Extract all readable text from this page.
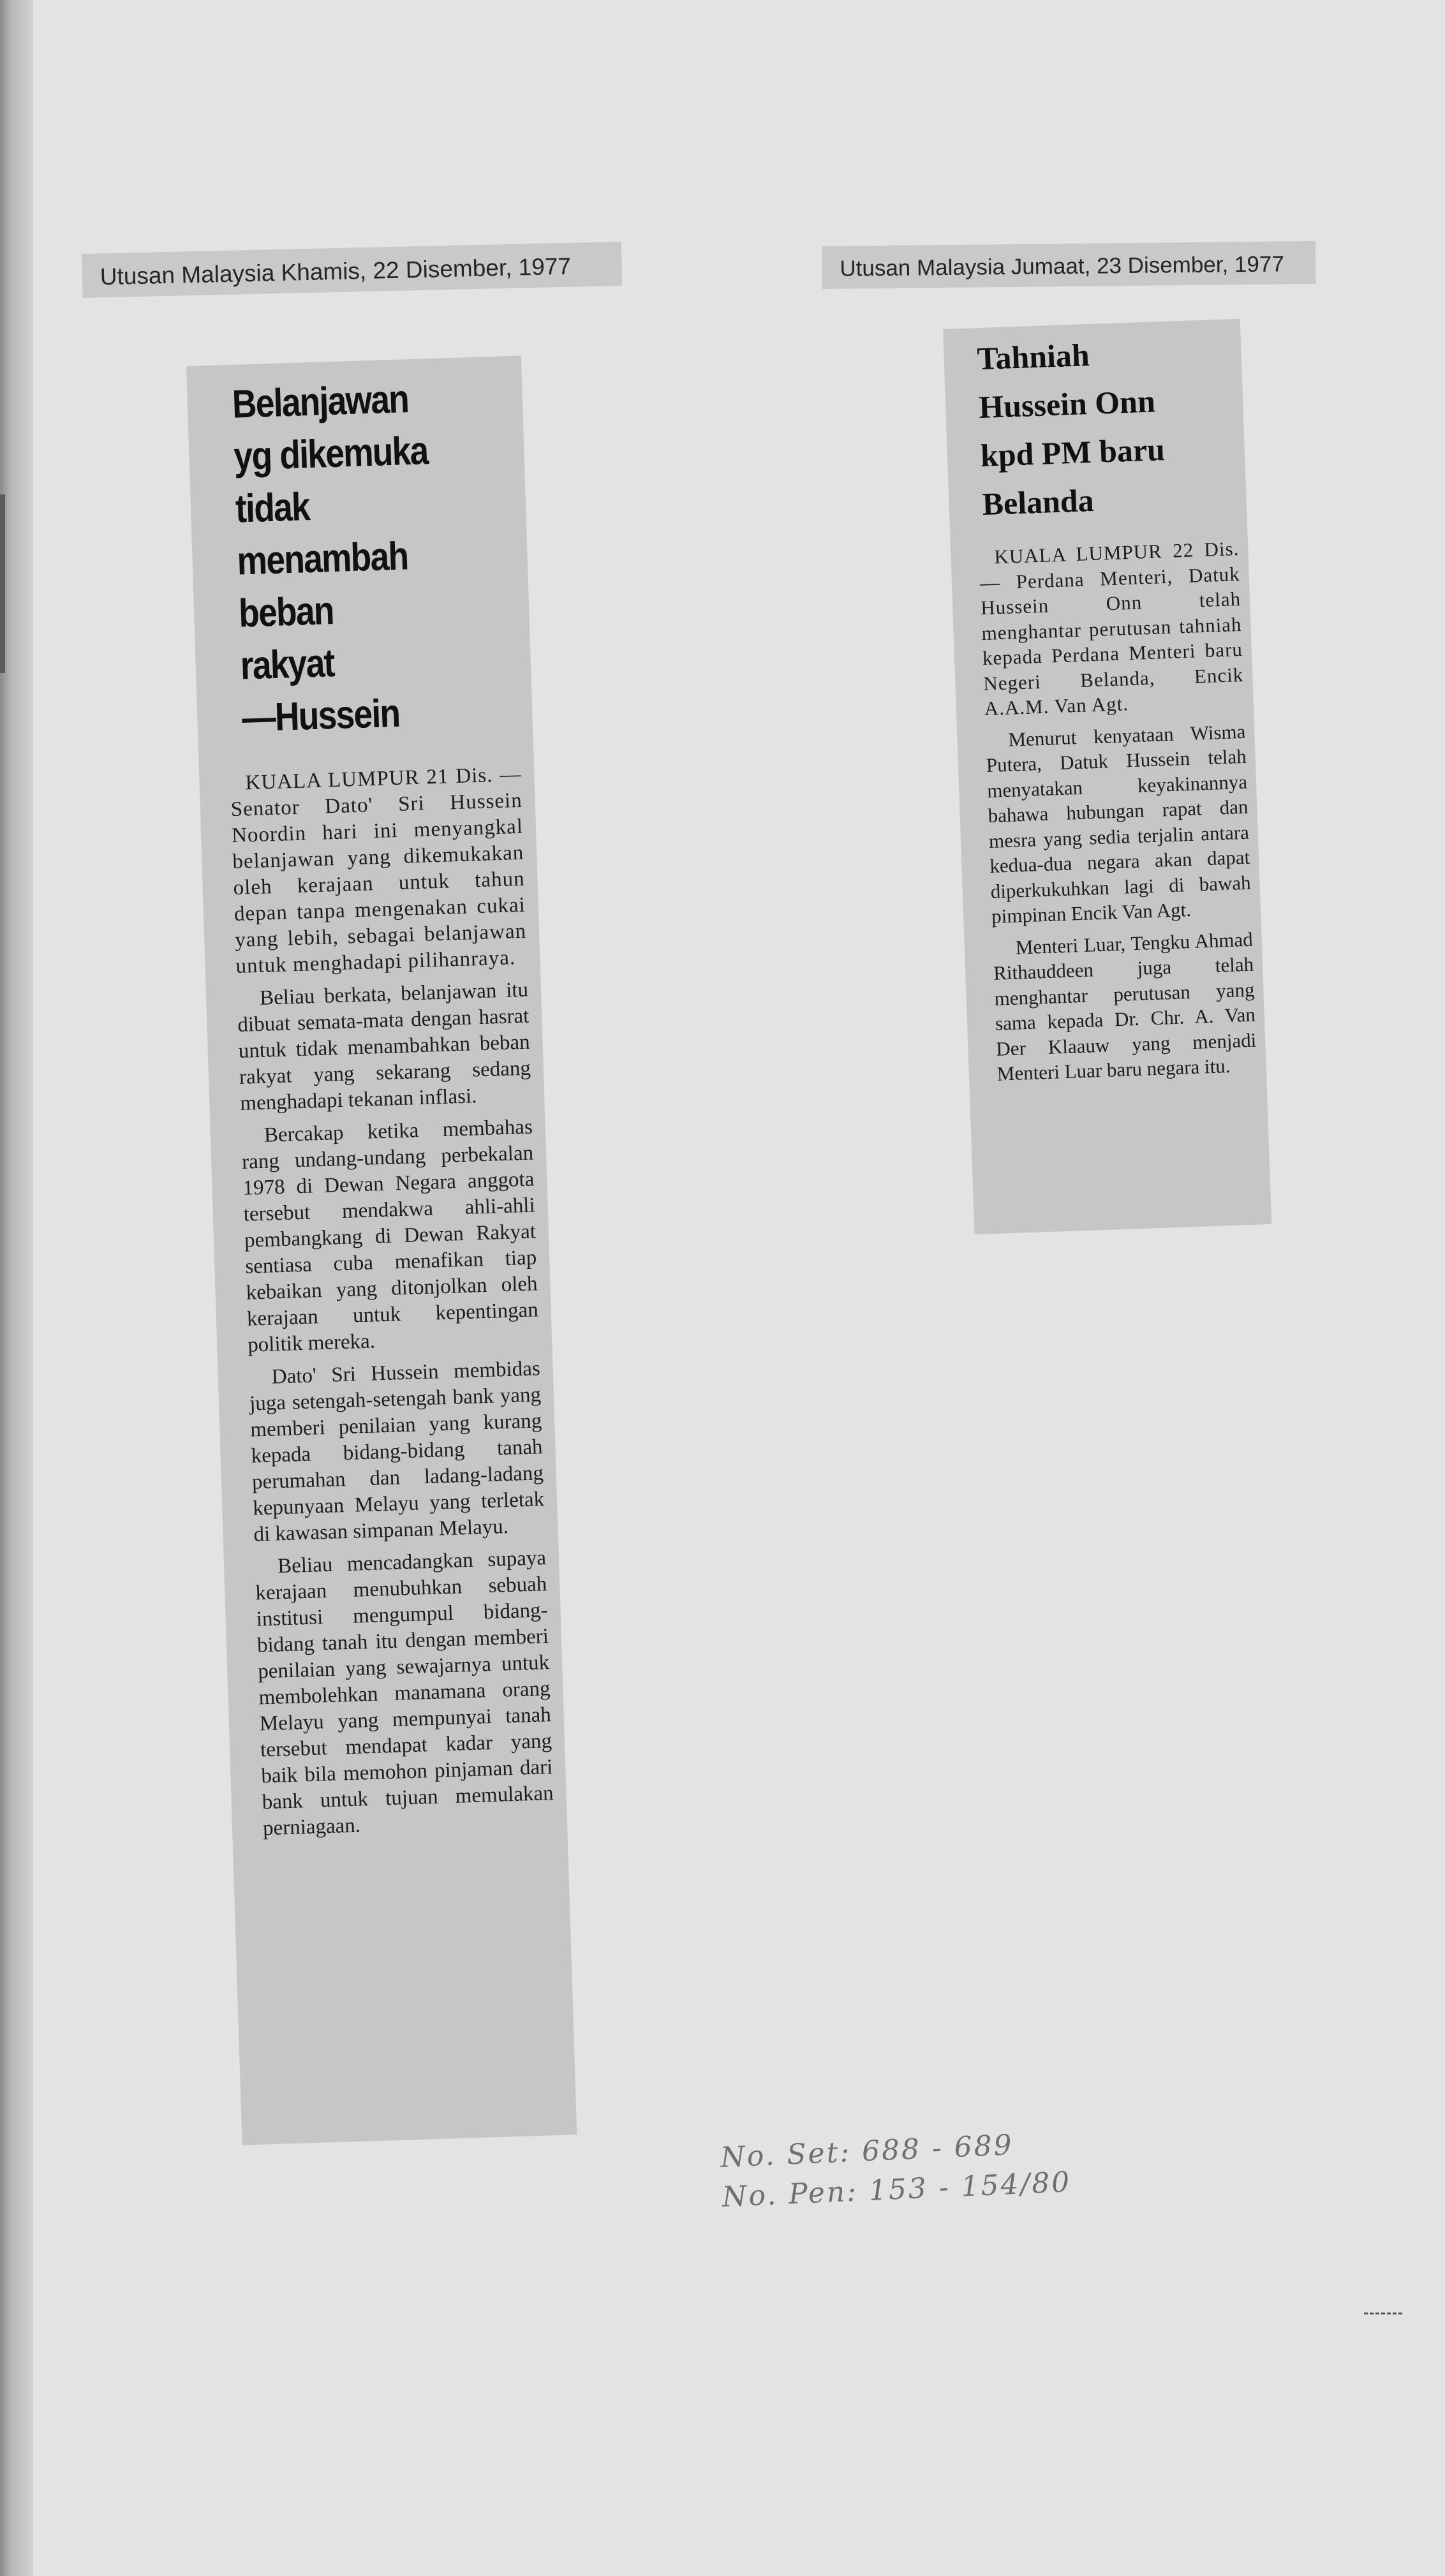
Utusan Malaysia Khamis, 22 Disember, 1977	Utusan Malaysia Jumaat, 23 Disember, 1977
Belanjawan
yg dikemuka
tidak
menambah
beban
rakyat
—Hussein

KUALA LUMPUR 21 Dis. — Senator Dato' Sri Hussein Noordin hari ini menyangkal belanjawan yang dikemukakan oleh kerajaan untuk tahun depan tanpa mengenakan cukai yang lebih, sebagai belanjawan untuk menghadapi pilihanraya.

Beliau berkata, belanjawan itu dibuat semata-mata dengan hasrat untuk tidak menambahkan beban rakyat yang sekarang sedang menghadapi tekanan inflasi.

Bercakap ketika membahas rang undang-undang perbekalan 1978 di Dewan Negara anggota tersebut mendakwa ahli-ahli pembangkang di Dewan Rakyat sentiasa cuba menafikan tiap kebaikan yang ditonjolkan oleh kerajaan untuk kepentingan politik mereka.

Dato' Sri Hussein membidas juga setengah-setengah bank yang memberi penilaian yang kurang kepada bidang-bidang tanah perumahan dan ladang-ladang kepunyaan Melayu yang terletak di kawasan simpanan Melayu.

Beliau mencadangkan supaya kerajaan menubuhkan sebuah institusi mengumpul bidang-bidang tanah itu dengan memberi penilaian yang sewajarnya untuk membolehkan manamana orang Melayu yang mempunyai tanah tersebut mendapat kadar yang baik bila memohon pinjaman dari bank untuk tujuan memulakan perniagaan.

Tahniah
Hussein Onn
kpd PM baru
Belanda

KUALA LUMPUR 22 Dis. — Perdana Menteri, Datuk Hussein Onn telah menghantar perutusan tahniah kepada Perdana Menteri baru Negeri Belanda, Encik A.A.M. Van Agt.

Menurut kenyataan Wisma Putera, Datuk Hussein telah menyatakan keyakinannya bahawa hubungan rapat dan mesra yang sedia terjalin antara kedua-dua negara akan dapat diperkukuhkan lagi di bawah pimpinan Encik Van Agt.

Menteri Luar, Tengku Ahmad Rithauddeen juga telah menghantar perutusan yang sama kepada Dr. Chr. A. Van Der Klaauw yang menjadi Menteri Luar baru negara itu.

No. Set: 688 - 689
No. Pen: 153 - 154/80
